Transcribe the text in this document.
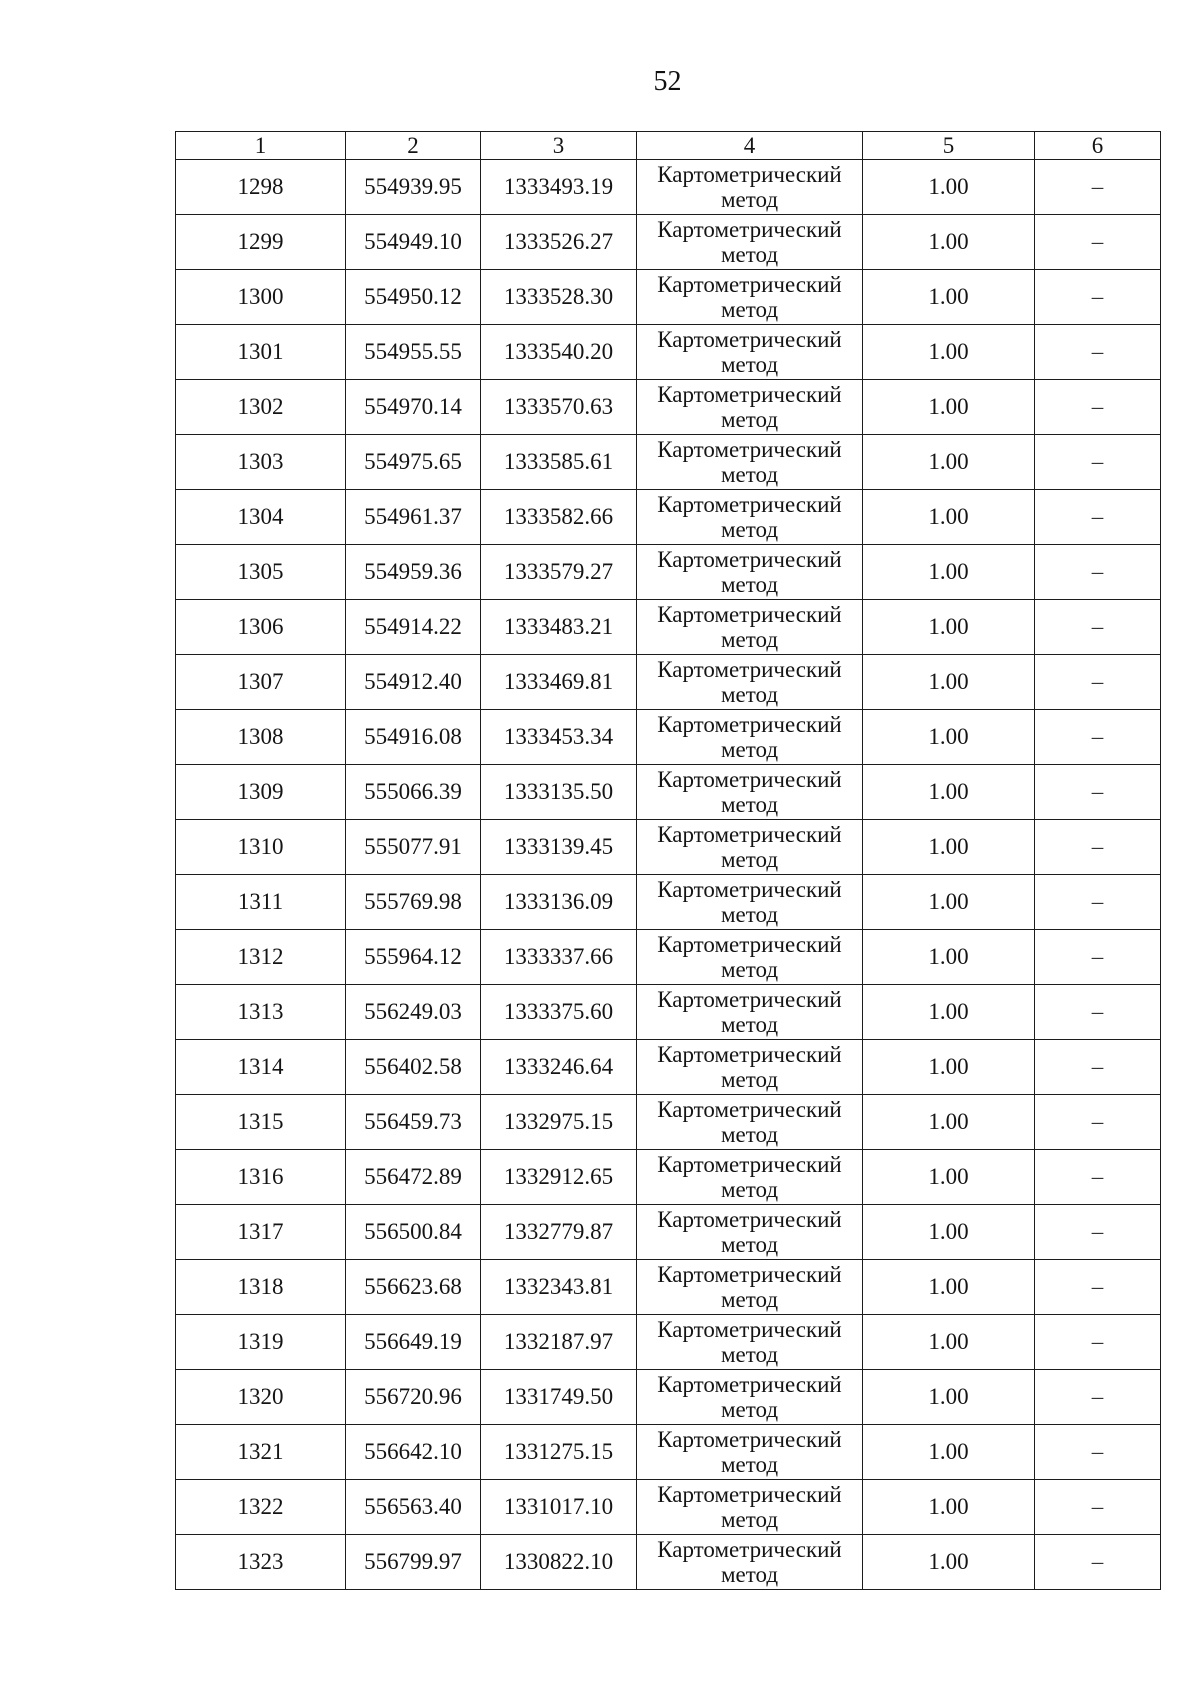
52
1	2	3	4	5	6
1298	554939.95	1333493.19	Картометрический метод	1.00	–
1299	554949.10	1333526.27	Картометрический метод	1.00	–
1300	554950.12	1333528.30	Картометрический метод	1.00	–
1301	554955.55	1333540.20	Картометрический метод	1.00	–
1302	554970.14	1333570.63	Картометрический метод	1.00	–
1303	554975.65	1333585.61	Картометрический метод	1.00	–
1304	554961.37	1333582.66	Картометрический метод	1.00	–
1305	554959.36	1333579.27	Картометрический метод	1.00	–
1306	554914.22	1333483.21	Картометрический метод	1.00	–
1307	554912.40	1333469.81	Картометрический метод	1.00	–
1308	554916.08	1333453.34	Картометрический метод	1.00	–
1309	555066.39	1333135.50	Картометрический метод	1.00	–
1310	555077.91	1333139.45	Картометрический метод	1.00	–
1311	555769.98	1333136.09	Картометрический метод	1.00	–
1312	555964.12	1333337.66	Картометрический метод	1.00	–
1313	556249.03	1333375.60	Картометрический метод	1.00	–
1314	556402.58	1333246.64	Картометрический метод	1.00	–
1315	556459.73	1332975.15	Картометрический метод	1.00	–
1316	556472.89	1332912.65	Картометрический метод	1.00	–
1317	556500.84	1332779.87	Картометрический метод	1.00	–
1318	556623.68	1332343.81	Картометрический метод	1.00	–
1319	556649.19	1332187.97	Картометрический метод	1.00	–
1320	556720.96	1331749.50	Картометрический метод	1.00	–
1321	556642.10	1331275.15	Картометрический метод	1.00	–
1322	556563.40	1331017.10	Картометрический метод	1.00	–
1323	556799.97	1330822.10	Картометрический метод	1.00	–
